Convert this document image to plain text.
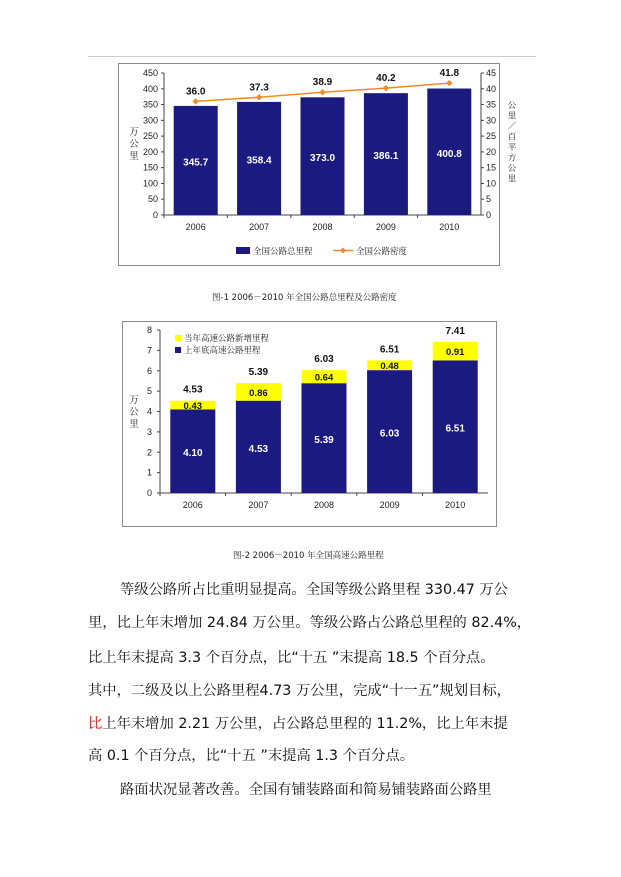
0
50
100
150
200
250
300
350
400
450
0
5
10
15
20
25
30
35
40
45
万
公
里
公
里
／
百
平
方
公
里
345.7
2006
358.4
2007
373.0
2008
386.1
2009
400.8
2010
36.0	37.3	38.9	40.2	41.8
全国公路总里程	全国公路密度
图-1 2006－2010 年全国公路总里程及公路密度
0
1
2
3
4
5
6
7
8
万
公
里
4.10
0.43
4.53
2006
4.53
0.86
5.39
2007
5.39
0.64
6.03
2008
6.03
0.48
6.51
2009
6.51
0.91
7.41
2010
当年高速公路新增里程
上年底高速公路里程
图-2 2006－2010 年全国高速公路里程
等级公路所占比重明显提高。全国等级公路里程 330.47 万公
里，比上年末增加 24.84 万公里。等级公路占公路总里程的 82.4%，
比上年末提高 3.3 个百分点，比“十五 ”末提高 18.5 个百分点。
其中，二级及以上公路里程4.73 万公里，完成“十一五”规划目标，
比上年末增加 2.21 万公里，占公路总里程的 11.2%，比上年末提
高 0.1 个百分点，比“十五 ”末提高 1.3 个百分点。
路面状况显著改善。全国有铺装路面和简易铺装路面公路里
